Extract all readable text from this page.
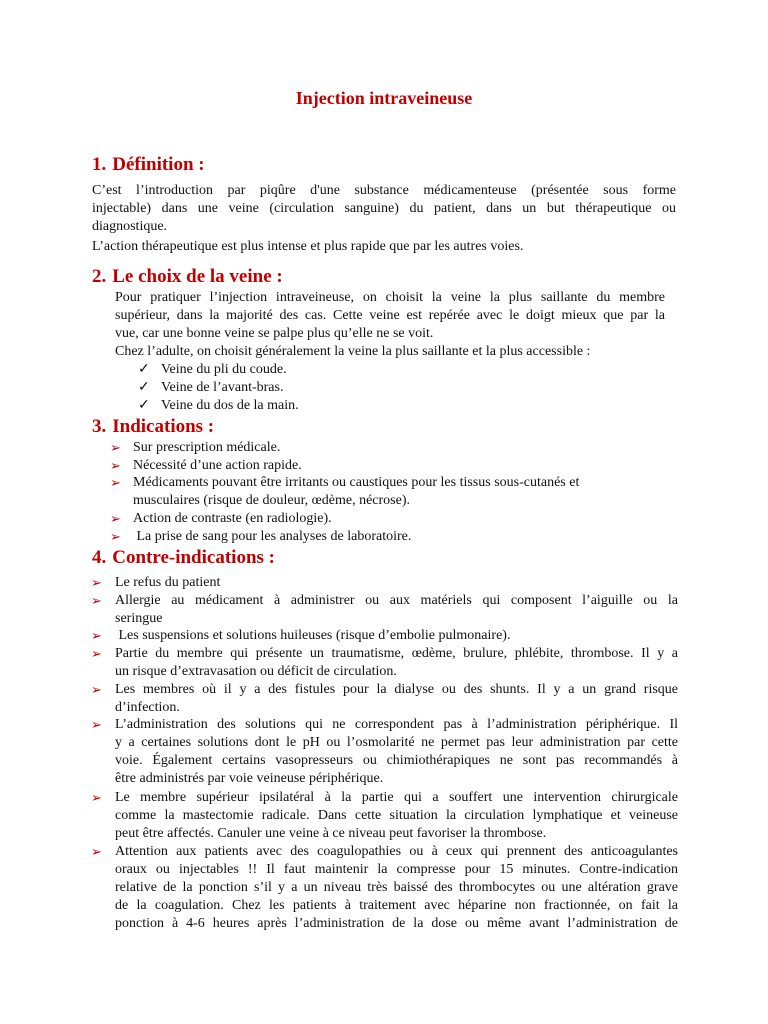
Injection intraveineuse
1. Définition :
C’est l’introduction par piqûre d'une substance médicamenteuse (présentée sous forme
injectable) dans une veine (circulation sanguine) du patient, dans un but thérapeutique ou
diagnostique.
L’action thérapeutique est plus intense et plus rapide que par les autres voies.
2. Le choix de la veine :
Pour pratiquer l’injection intraveineuse, on choisit la veine la plus saillante du membre
supérieur, dans la majorité des cas. Cette veine est repérée avec le doigt mieux que par la
vue, car une bonne veine se palpe plus qu’elle ne se voit.
Chez l’adulte, on choisit généralement la veine la plus saillante et la plus accessible :
✓ Veine du pli du coude.
✓ Veine de l’avant-bras.
✓ Veine du dos de la main.
3. Indications :
➢ Sur prescription médicale.
➢ Nécessité d’une action rapide.
➢ Médicaments pouvant être irritants ou caustiques pour les tissus sous-cutanés et
musculaires (risque de douleur, œdème, nécrose).
➢ Action de contraste (en radiologie).
➢ La prise de sang pour les analyses de laboratoire.
4. Contre-indications :
➢ Le refus du patient
➢ Allergie au médicament à administrer ou aux matériels qui composent l’aiguille ou la
seringue
➢ Les suspensions et solutions huileuses (risque d’embolie pulmonaire).
➢ Partie du membre qui présente un traumatisme, œdème, brulure, phlébite, thrombose. Il y a
un risque d’extravasation ou déficit de circulation.
➢ Les membres où il y a des fistules pour la dialyse ou des shunts. Il y a un grand risque
d’infection.
➢ L’administration des solutions qui ne correspondent pas à l’administration périphérique. Il
y a certaines solutions dont le pH ou l’osmolarité ne permet pas leur administration par cette
voie. Également certains vasopresseurs ou chimiothérapiques ne sont pas recommandés à
être administrés par voie veineuse périphérique.
➢ Le membre supérieur ipsilatéral à la partie qui a souffert une intervention chirurgicale
comme la mastectomie radicale. Dans cette situation la circulation lymphatique et veineuse
peut être affectés. Canuler une veine à ce niveau peut favoriser la thrombose.
➢ Attention aux patients avec des coagulopathies ou à ceux qui prennent des anticoagulantes
oraux ou injectables !! Il faut maintenir la compresse pour 15 minutes. Contre-indication
relative de la ponction s’il y a un niveau très baissé des thrombocytes ou une altération grave
de la coagulation. Chez les patients à traitement avec héparine non fractionnée, on fait la
ponction à 4-6 heures après l’administration de la dose ou même avant l’administration de
